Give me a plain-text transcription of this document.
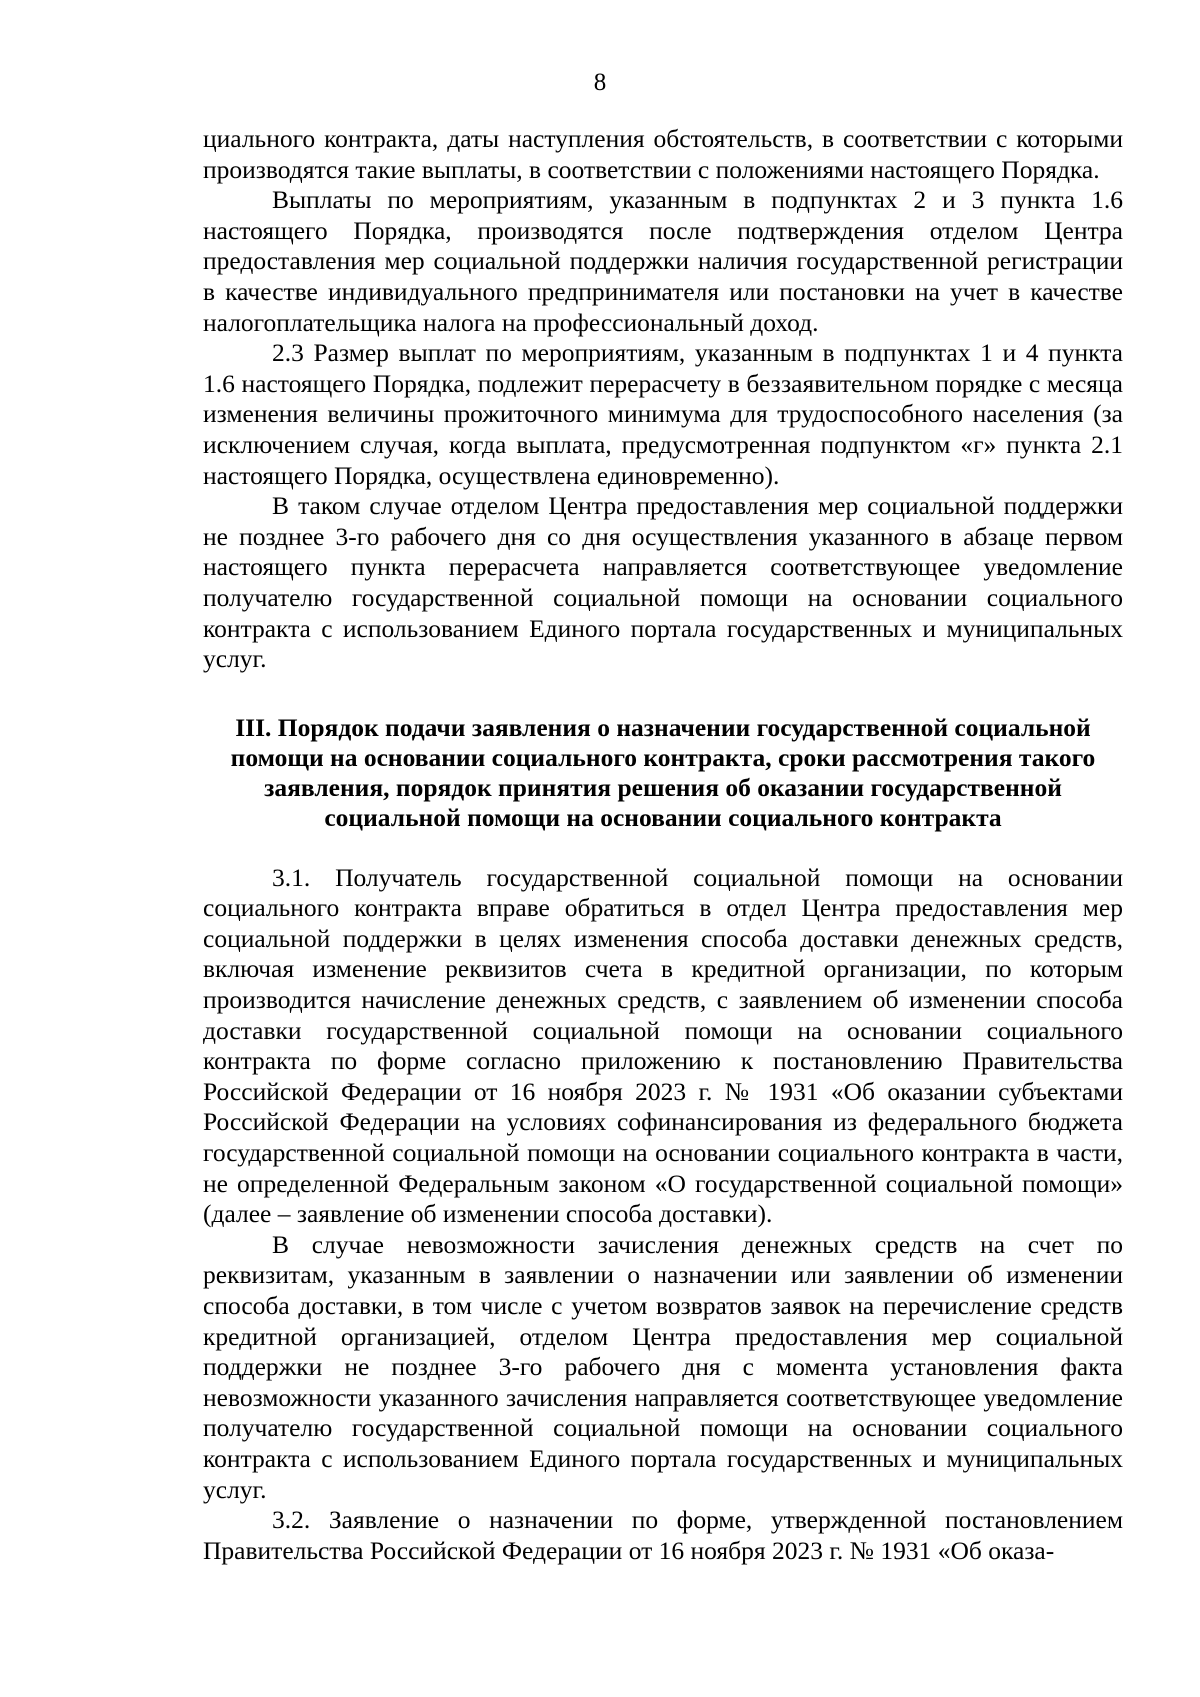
8

циального контракта, даты наступления обстоятельств, в соответствии с которыми производятся такие выплаты, в соответствии с положениями настоящего Порядка.

Выплаты по мероприятиям, указанным в подпунктах 2 и 3 пункта 1.6 настоящего Порядка, производятся после подтверждения отделом Центра предоставления мер социальной поддержки наличия государственной регистрации в качестве индивидуального предпринимателя или постановки на учет в качестве налогоплательщика налога на профессиональный доход.

2.3 Размер выплат по мероприятиям, указанным в подпунктах 1 и 4 пункта 1.6 настоящего Порядка, подлежит перерасчету в беззаявительном порядке с месяца изменения величины прожиточного минимума для трудоспособного населения (за исключением случая, когда выплата, предусмотренная подпунктом «г» пункта 2.1 настоящего Порядка, осуществлена единовременно).

В таком случае отделом Центра предоставления мер социальной поддержки не позднее 3-го рабочего дня со дня осуществления указанного в абзаце первом настоящего пункта перерасчета направляется соответствующее уведомление получателю государственной социальной помощи на основании социального контракта с использованием Единого портала государственных и муниципальных услуг.

III. Порядок подачи заявления о назначении государственной социальной помощи на основании социального контракта, сроки рассмотрения такого заявления, порядок принятия решения об оказании государственной социальной помощи на основании социального контракта

3.1. Получатель государственной социальной помощи на основании социального контракта вправе обратиться в отдел Центра предоставления мер социальной поддержки в целях изменения способа доставки денежных средств, включая изменение реквизитов счета в кредитной организации, по которым производится начисление денежных средств, с заявлением об изменении способа доставки государственной социальной помощи на основании социального контракта по форме согласно приложению к постановлению Правительства Российской Федерации от 16 ноября 2023 г. № 1931 «Об оказании субъектами Российской Федерации на условиях софинансирования из федерального бюджета государственной социальной помощи на основании социального контракта в части, не определенной Федеральным законом «О государственной социальной помощи» (далее – заявление об изменении способа доставки).

В случае невозможности зачисления денежных средств на счет по реквизитам, указанным в заявлении о назначении или заявлении об изменении способа доставки, в том числе с учетом возвратов заявок на перечисление средств кредитной организацией, отделом Центра предоставления мер социальной поддержки не позднее 3-го рабочего дня с момента установления факта невозможности указанного зачисления направляется соответствующее уведомление получателю государственной социальной помощи на основании социального контракта с использованием Единого портала государственных и муниципальных услуг.

3.2. Заявление о назначении по форме, утвержденной постановлением Правительства Российской Федерации от 16 ноября 2023 г. № 1931 «Об оказа-
